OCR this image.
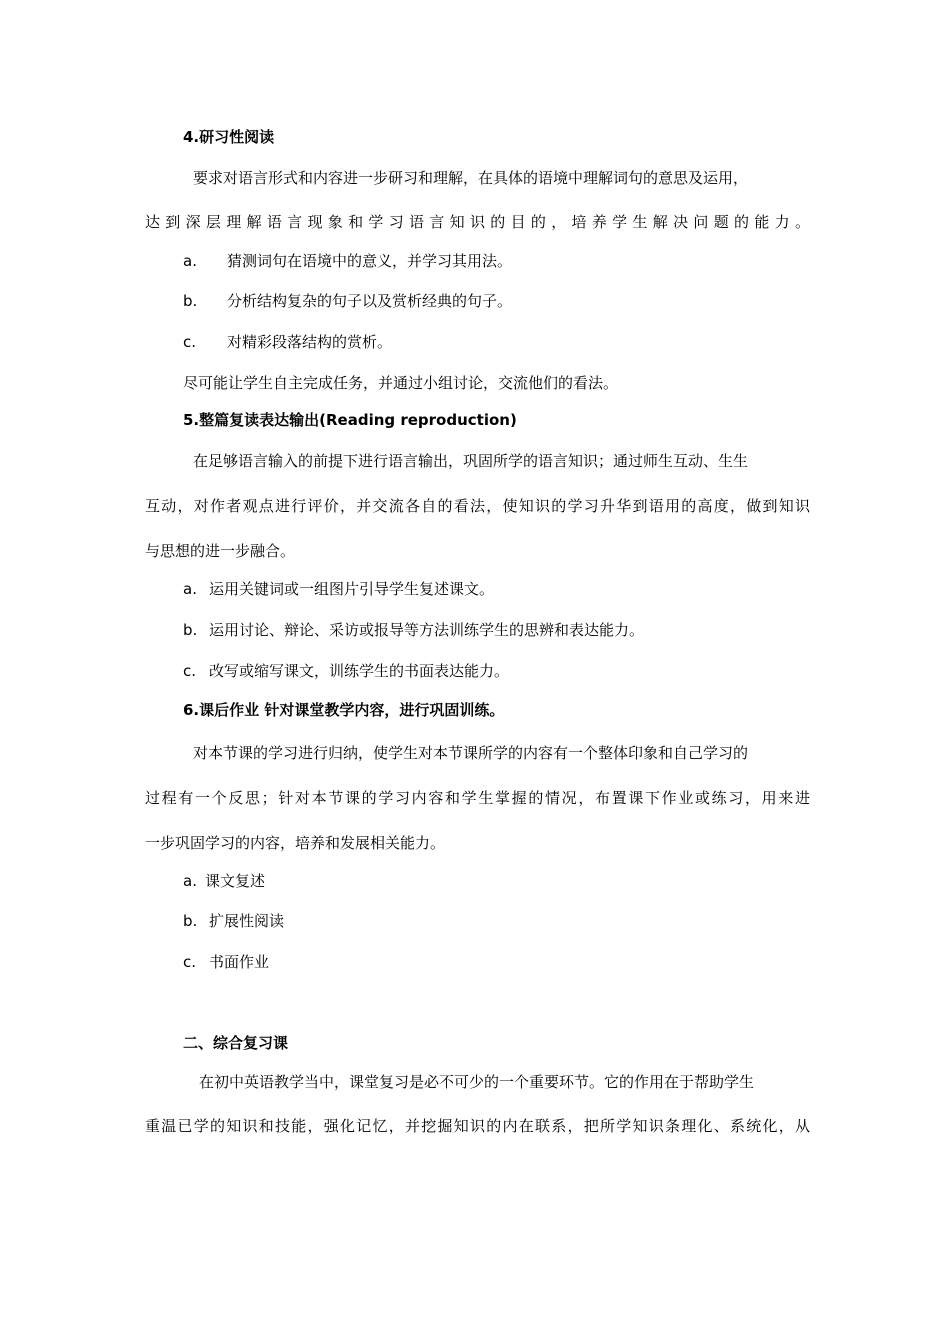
4.研习性阅读
要求对语言形式和内容进一步研习和理解，在具体的语境中理解词句的意思及运用，
达到深层理解语言现象和学习语言知识的目的，培养学生解决问题的能力。
a. 猜测词句在语境中的意义，并学习其用法。
b. 分析结构复杂的句子以及赏析经典的句子。
c. 对精彩段落结构的赏析。
尽可能让学生自主完成任务，并通过小组讨论，交流他们的看法。
5.整篇复读表达输出(Reading reproduction)
在足够语言输入的前提下进行语言输出，巩固所学的语言知识；通过师生互动、生生
互动，对作者观点进行评价，并交流各自的看法，使知识的学习升华到语用的高度，做到知识
与思想的进一步融合。
a. 运用关键词或一组图片引导学生复述课文。
b. 运用讨论、辩论、采访或报导等方法训练学生的思辨和表达能力。
c. 改写或缩写课文，训练学生的书面表达能力。
6.课后作业 针对课堂教学内容，进行巩固训练。
对本节课的学习进行归纳，使学生对本节课所学的内容有一个整体印象和自己学习的
过程有一个反思；针对本节课的学习内容和学生掌握的情况，布置课下作业或练习，用来进
一步巩固学习的内容，培养和发展相关能力。
a. 课文复述
b. 扩展性阅读
c. 书面作业
二、综合复习课
在初中英语教学当中，课堂复习是必不可少的一个重要环节。它的作用在于帮助学生
重温已学的知识和技能，强化记忆，并挖掘知识的内在联系，把所学知识条理化、系统化，从
